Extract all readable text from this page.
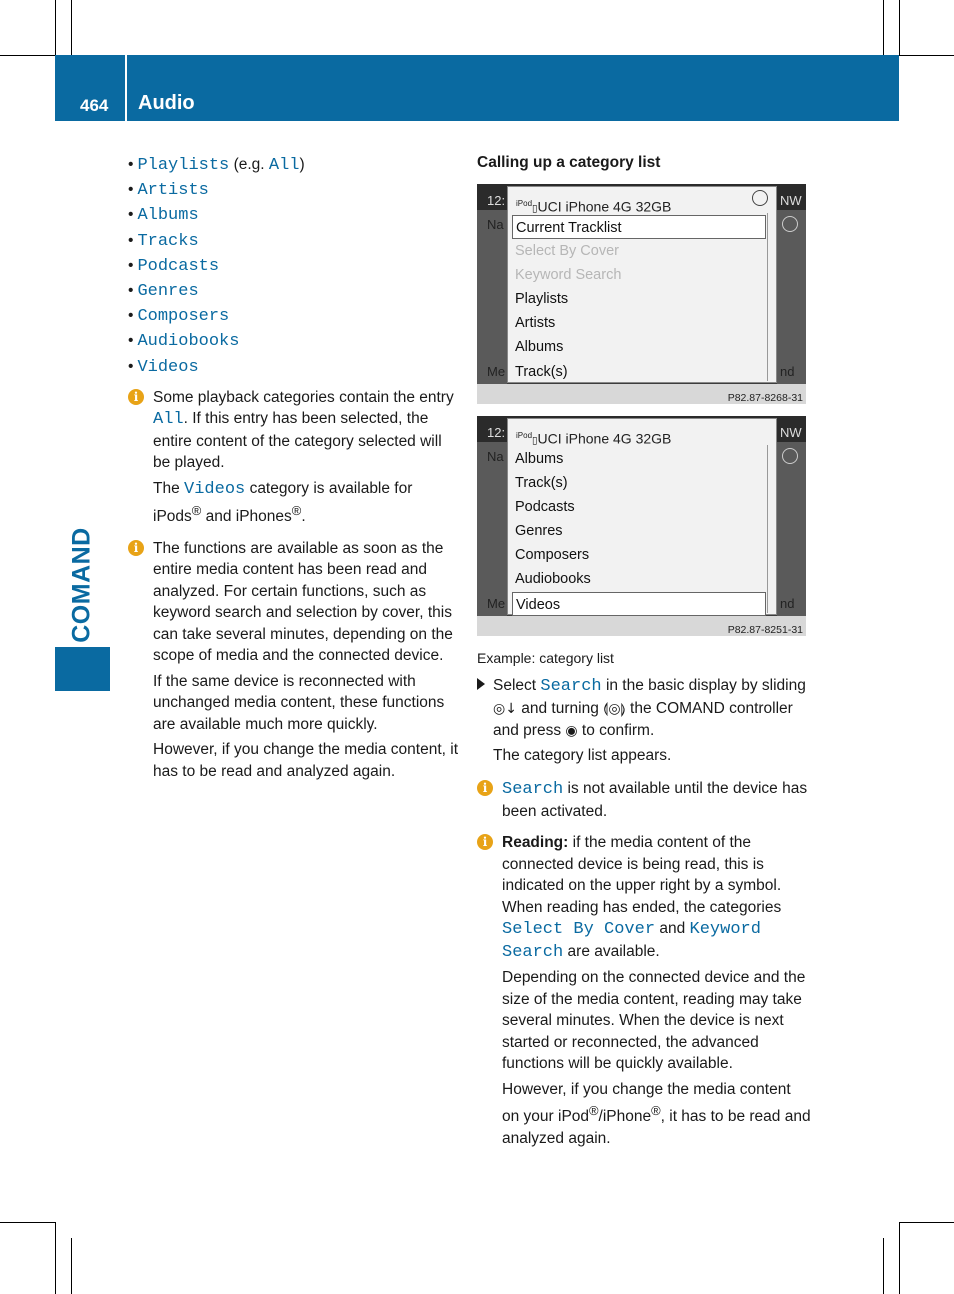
464 Audio
COMAND
• Playlists (e.g. All)
• Artists
• Albums
• Tracks
• Podcasts
• Genres
• Composers
• Audiobooks
• Videos
i Some playback categories contain the entry All. If this entry has been selected, the entire content of the category selected will be played.
The Videos category is available for iPods® and iPhones®.
i The functions are available as soon as the entire media content has been read and analyzed. For certain functions, such as keyword search and selection by cover, this can take several minutes, depending on the scope of media and the connected device.
If the same device is reconnected with unchanged media content, these functions are available much more quickly.
However, if you change the media content, it has to be read and analyzed again.
Calling up a category list
12:	NW
Na
Me	nd
$^{iPod}$▯UCI iPhone 4G 32GB
Current Tracklist
Select By Cover
Keyword Search
Playlists
Artists
Albums
Track(s)
P82.87-8268-31
12:	NW
Na
Me	nd
$^{iPod}$▯UCI iPhone 4G 32GB
Albums
Track(s)
Podcasts
Genres
Composers
Audiobooks
Videos
P82.87-8251-31
Example: category list
Select Search in the basic display by sliding ◎↓ and turning ⟬◎⟭ the COMAND controller and press ◉ to confirm.
The category list appears.
i Search is not available until the device has been activated.
i Reading: if the media content of the connected device is being read, this is indicated on the upper right by a symbol. When reading has ended, the categories Select By Cover and Keyword Search are available.
Depending on the connected device and the size of the media content, reading may take several minutes. When the device is next started or reconnected, the advanced functions will be quickly available.
However, if you change the media content on your iPod®/iPhone®, it has to be read and analyzed again.
